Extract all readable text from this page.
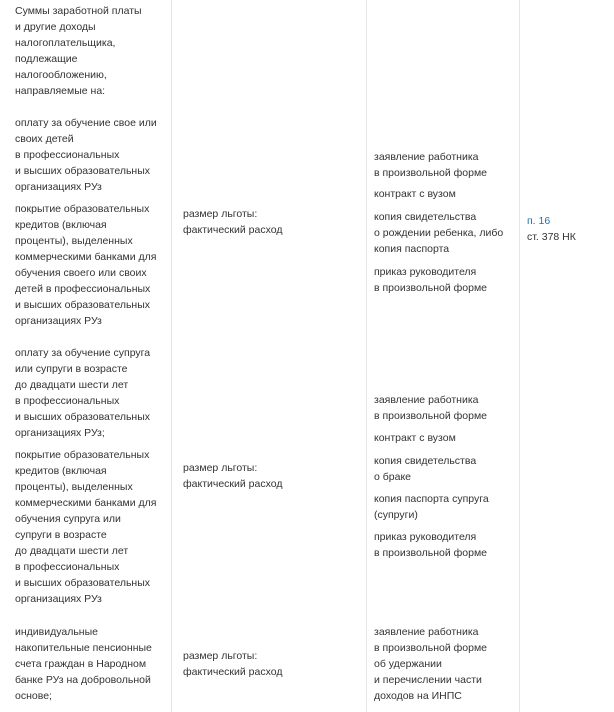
Суммы заработной платы
и другие доходы
налогоплательщика,
подлежащие
налогообложению,
направляемые на:
оплату за обучение свое или
своих детей
в профессиональных
и высших образовательных
организациях РУз
покрытие образовательных
кредитов (включая
проценты), выделенных
коммерческими банками для
обучения своего или своих
детей в профессиональных
и высших образовательных
организациях РУз
оплату за обучение супруга
или супруги в возрасте
до двадцати шести лет
в профессиональных
и высших образовательных
организациях РУз;
покрытие образовательных
кредитов (включая
проценты), выделенных
коммерческими банками для
обучения супруга или
супруги в возрасте
до двадцати шести лет
в профессиональных
и высших образовательных
организациях РУз
индивидуальные
накопительные пенсионные
счета граждан в Народном
банке РУз на добровольной
основе;
размер льготы:
фактический расход
размер льготы:
фактический расход
размер льготы:
фактический расход
заявление работника
в произвольной форме
контракт с вузом
копия свидетельства
о рождении ребенка, либо
копия паспорта
приказ руководителя
в произвольной форме
заявление работника
в произвольной форме
контракт с вузом
копия свидетельства
о браке
копия паспорта супруга
(супруги)
приказ руководителя
в произвольной форме
заявление работника
в произвольной форме
об удержании
и перечислении части
доходов на ИНПС
п. 16
ст. 378 НК
